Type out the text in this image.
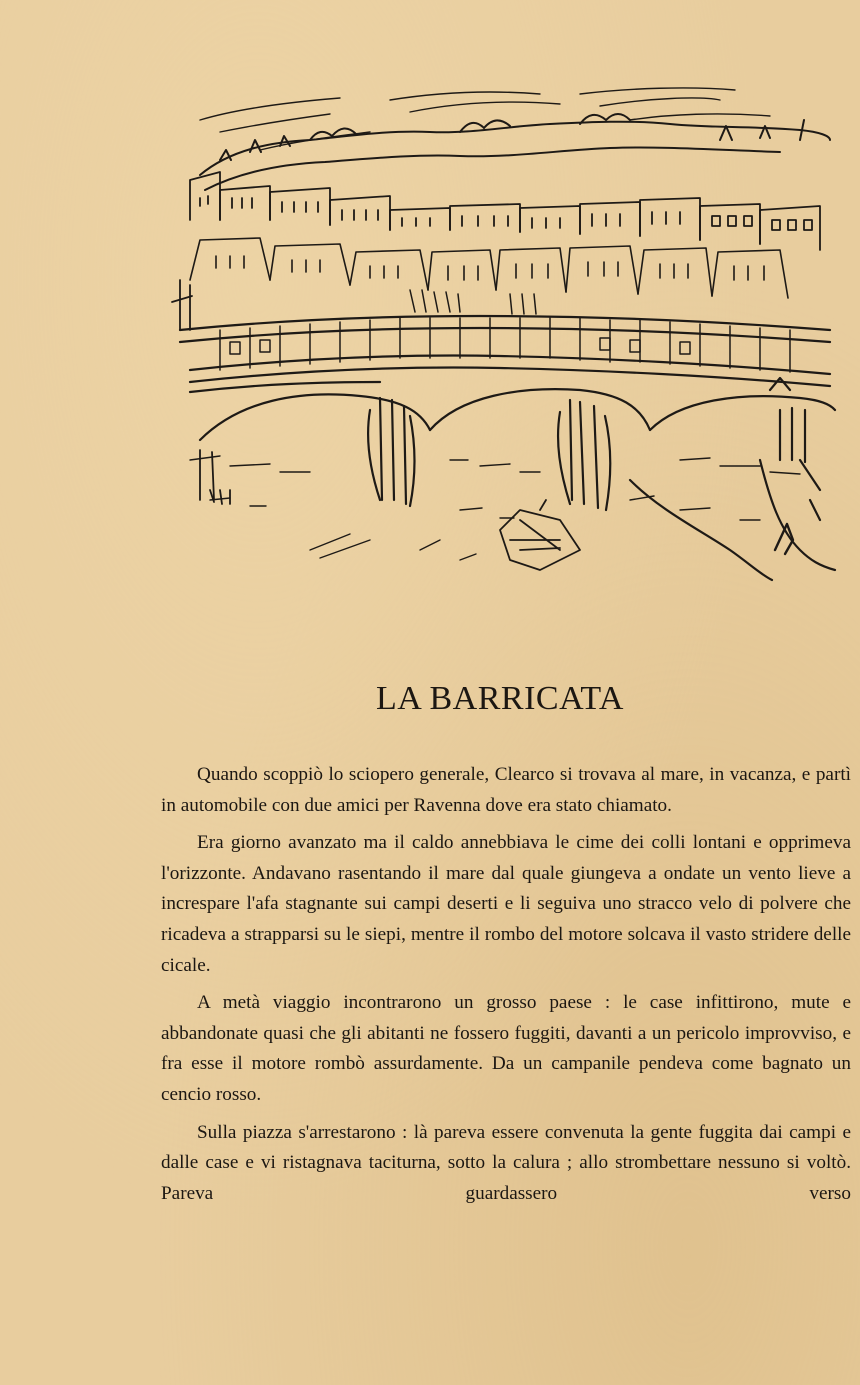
LA BARRICATA

Quando scoppiò lo sciopero generale, Clearco si trovava al mare, in vacanza, e partì in automobile con due amici per Ravenna dove era stato chiamato.

Era giorno avanzato ma il caldo annebbiava le cime dei colli lontani e opprimeva l'orizzonte. Andavano rasentando il mare dal quale giungeva a ondate un vento lieve a increspare l'afa stagnante sui campi deserti e li seguiva uno stracco velo di polvere che ricadeva a strapparsi su le siepi, mentre il rombo del motore solcava il vasto stridere delle cicale.

A metà viaggio incontrarono un grosso paese : le case infittirono, mute e abbandonate quasi che gli abitanti ne fossero fuggiti, davanti a un pericolo improvviso, e fra esse il motore rombò assurdamente. Da un campanile pendeva come bagnato un cencio rosso.

Sulla piazza s'arrestarono : là pareva essere convenuta la gente fuggita dai campi e dalle case e vi ristagnava taciturna, sotto la calura ; allo strombettare nessuno si voltò. Pareva guardassero verso
